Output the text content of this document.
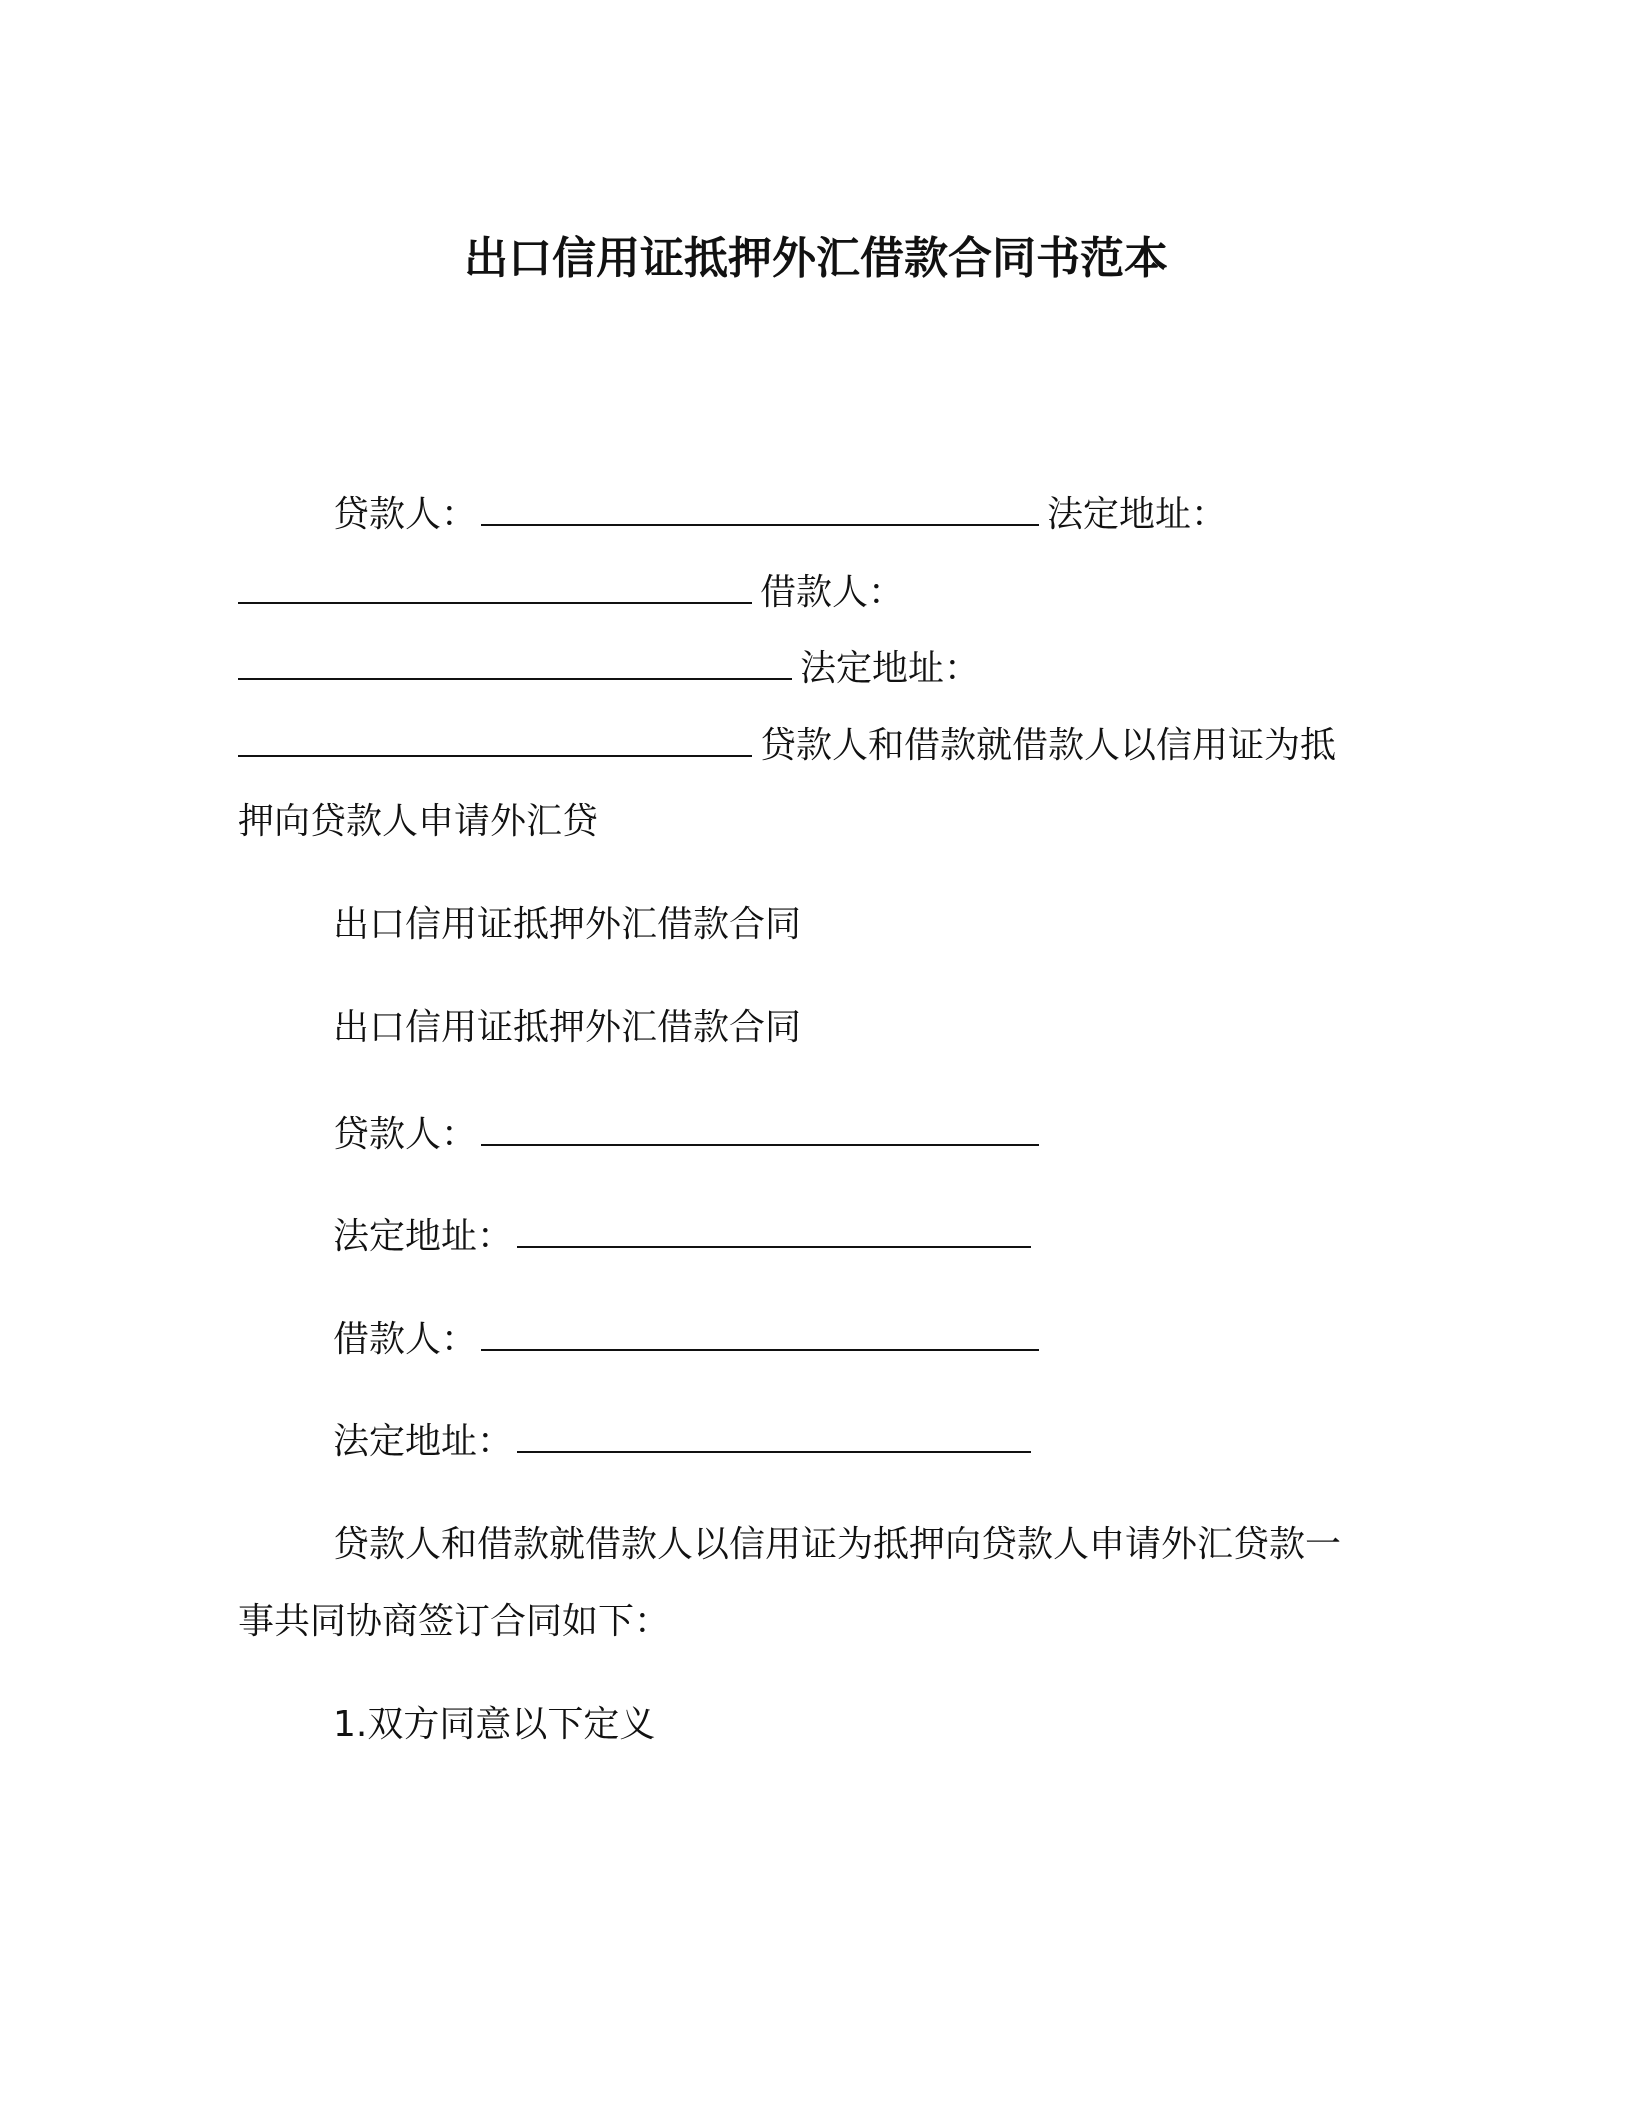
出口信用证抵押外汇借款合同书范本

贷款人：	法定地址：

借款人：

法定地址：

贷款人和借款就借款人以信用证为抵

押向贷款人申请外汇贷

出口信用证抵押外汇借款合同

出口信用证抵押外汇借款合同

贷款人：

法定地址：

借款人：

法定地址：

贷款人和借款就借款人以信用证为抵押向贷款人申请外汇贷款一

事共同协商签订合同如下：

1.双方同意以下定义
